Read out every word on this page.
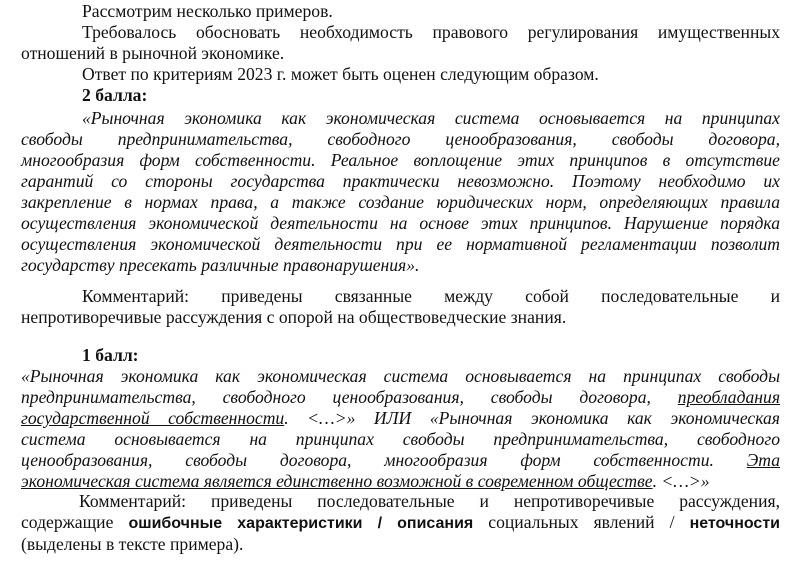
Рассмотрим несколько примеров.

Требовалось обосновать необходимость правового регулирования имущественных
отношений в рыночной экономике.

Ответ по критериям 2023 г. может быть оценен следующим образом.

2 балла:

«Рыночная экономика как экономическая система основывается на принципах
свободы предпринимательства, свободного ценообразования, свободы договора,
многообразия форм собственности. Реальное воплощение этих принципов в отсутствие
гарантий со стороны государства практически невозможно. Поэтому необходимо их
закрепление в нормах права, а также создание юридических норм, определяющих правила
осуществления экономической деятельности на основе этих принципов. Нарушение порядка
осуществления экономической деятельности при ее нормативной регламентации позволит
государству пресекать различные правонарушения».

Комментарий: приведены связанные между собой последовательные и
непротиворечивые рассуждения с опорой на обществоведческие знания.

1 балл:

«Рыночная экономика как экономическая система основывается на принципах свободы
предпринимательства, свободного ценообразования, свободы договора, преобладания
государственной собственности. <…>» ИЛИ «Рыночная экономика как экономическая
система основывается на принципах свободы предпринимательства, свободного
ценообразования, свободы договора, многообразия форм собственности. Эта
экономическая система является единственно возможной в современном обществе. <…>»

Комментарий: приведены последовательные и непротиворечивые рассуждения,
содержащие ошибочные характеристики / описания социальных явлений / неточности
(выделены в тексте примера).
